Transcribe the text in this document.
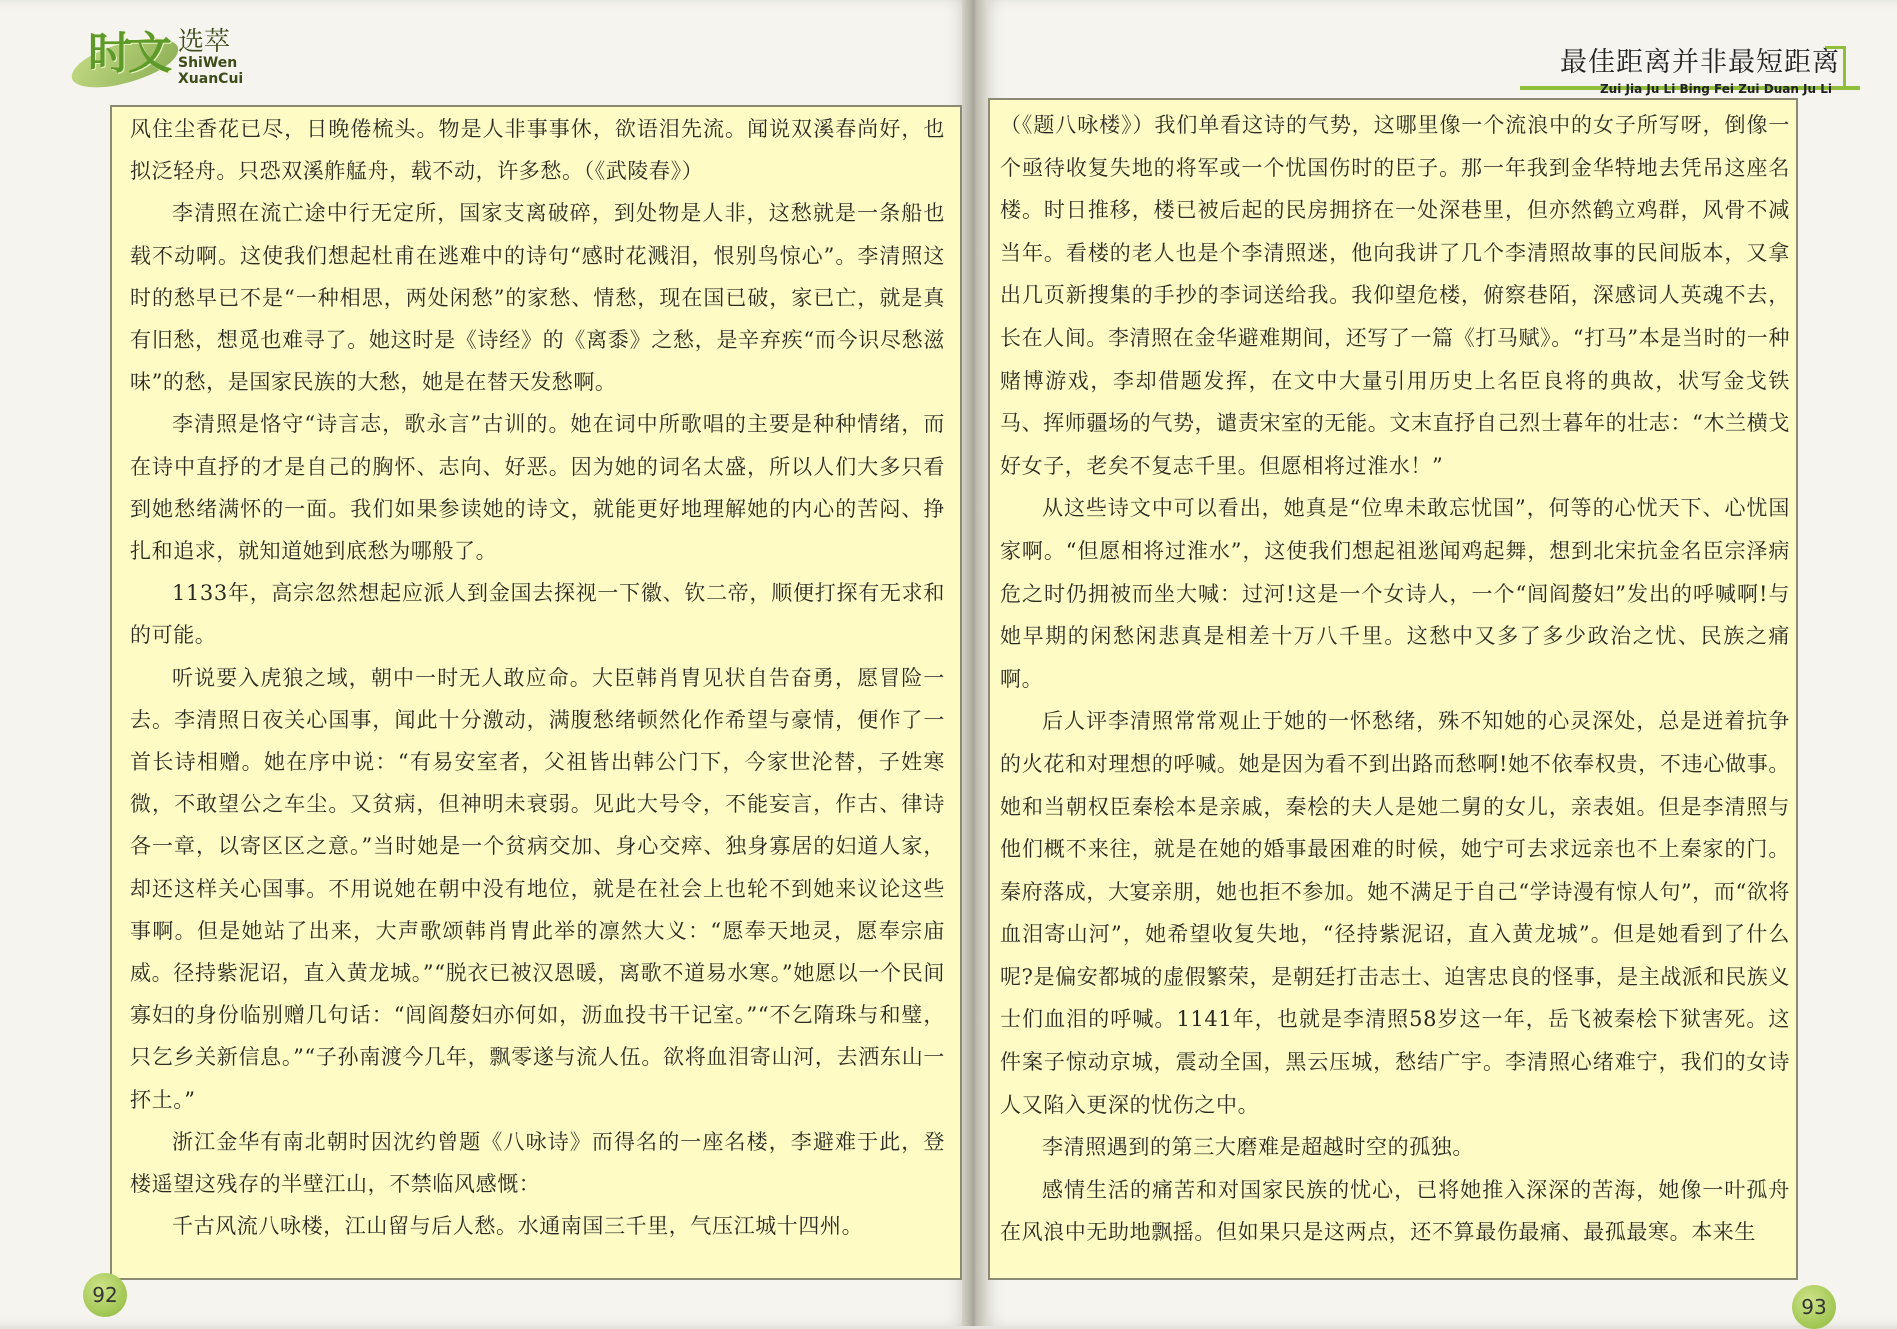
时文 选萃
ShiWen XuanCui
最佳距离并非最短距离
Zui Jia Ju Li Bing Fei Zui Duan Ju Li

风住尘香花已尽，日晚倦梳头。物是人非事事休，欲语泪先流。闻说双溪春尚好，也拟泛轻舟。只恐双溪舴艋舟，载不动，许多愁。（《武陵春》）

李清照在流亡途中行无定所，国家支离破碎，到处物是人非，这愁就是一条船也载不动啊。这使我们想起杜甫在逃难中的诗句“感时花溅泪，恨别鸟惊心”。李清照这时的愁早已不是“一种相思，两处闲愁”的家愁、情愁，现在国已破，家已亡，就是真有旧愁，想觅也难寻了。她这时是《诗经》的《离黍》之愁，是辛弃疾“而今识尽愁滋味”的愁，是国家民族的大愁，她是在替天发愁啊。

李清照是恪守“诗言志，歌永言”古训的。她在词中所歌唱的主要是种种情绪，而在诗中直抒的才是自己的胸怀、志向、好恶。因为她的词名太盛，所以人们大多只看到她愁绪满怀的一面。我们如果参读她的诗文，就能更好地理解她的内心的苦闷、挣扎和追求，就知道她到底愁为哪般了。

1133年，高宗忽然想起应派人到金国去探视一下徽、钦二帝，顺便打探有无求和的可能。

听说要入虎狼之域，朝中一时无人敢应命。大臣韩肖胄见状自告奋勇，愿冒险一去。李清照日夜关心国事，闻此十分激动，满腹愁绪顿然化作希望与豪情，便作了一首长诗相赠。她在序中说：“有易安室者，父祖皆出韩公门下，今家世沦替，子姓寒微，不敢望公之车尘。又贫病，但神明未衰弱。见此大号令，不能妄言，作古、律诗各一章，以寄区区之意。”当时她是一个贫病交加、身心交瘁、独身寡居的妇道人家，却还这样关心国事。不用说她在朝中没有地位，就是在社会上也轮不到她来议论这些事啊。但是她站了出来，大声歌颂韩肖胄此举的凛然大义：“愿奉天地灵，愿奉宗庙威。径持紫泥诏，直入黄龙城。”“脱衣已被汉恩暖，离歌不道易水寒。”她愿以一个民间寡妇的身份临别赠几句话：“闾阎嫠妇亦何如，沥血投书干记室。”“不乞隋珠与和璧，只乞乡关新信息。”“子孙南渡今几年，飘零遂与流人伍。欲将血泪寄山河，去洒东山一抔土。”

浙江金华有南北朝时因沈约曾题《八咏诗》而得名的一座名楼，李避难于此，登楼遥望这残存的半壁江山，不禁临风感慨：

千古风流八咏楼，江山留与后人愁。水通南国三千里，气压江城十四州。

（《题八咏楼》）我们单看这诗的气势，这哪里像一个流浪中的女子所写呀，倒像一个亟待收复失地的将军或一个忧国伤时的臣子。那一年我到金华特地去凭吊这座名楼。时日推移，楼已被后起的民房拥挤在一处深巷里，但亦然鹤立鸡群，风骨不减当年。看楼的老人也是个李清照迷，他向我讲了几个李清照故事的民间版本，又拿出几页新搜集的手抄的李词送给我。我仰望危楼，俯察巷陌，深感词人英魂不去，长在人间。李清照在金华避难期间，还写了一篇《打马赋》。“打马”本是当时的一种赌博游戏，李却借题发挥，在文中大量引用历史上名臣良将的典故，状写金戈铁马、挥师疆场的气势，谴责宋室的无能。文末直抒自己烈士暮年的壮志：“木兰横戈好女子，老矣不复志千里。但愿相将过淮水！”

从这些诗文中可以看出，她真是“位卑未敢忘忧国”，何等的心忧天下、心忧国家啊。“但愿相将过淮水”，这使我们想起祖逖闻鸡起舞，想到北宋抗金名臣宗泽病危之时仍拥被而坐大喊：过河!这是一个女诗人，一个“闾阎嫠妇”发出的呼喊啊!与她早期的闲愁闲悲真是相差十万八千里。这愁中又多了多少政治之忧、民族之痛啊。

后人评李清照常常观止于她的一怀愁绪，殊不知她的心灵深处，总是迸着抗争的火花和对理想的呼喊。她是因为看不到出路而愁啊!她不依奉权贵，不违心做事。她和当朝权臣秦桧本是亲戚，秦桧的夫人是她二舅的女儿，亲表姐。但是李清照与他们概不来往，就是在她的婚事最困难的时候，她宁可去求远亲也不上秦家的门。秦府落成，大宴亲朋，她也拒不参加。她不满足于自己“学诗漫有惊人句”，而“欲将血泪寄山河”，她希望收复失地，“径持紫泥诏，直入黄龙城”。但是她看到了什么呢?是偏安都城的虚假繁荣，是朝廷打击志士、迫害忠良的怪事，是主战派和民族义士们血泪的呼喊。1141年，也就是李清照58岁这一年，岳飞被秦桧下狱害死。这件案子惊动京城，震动全国，黑云压城，愁结广宇。李清照心绪难宁，我们的女诗人又陷入更深的忧伤之中。

李清照遇到的第三大磨难是超越时空的孤独。

感情生活的痛苦和对国家民族的忧心，已将她推入深深的苦海，她像一叶孤舟在风浪中无助地飘摇。但如果只是这两点，还不算最伤最痛、最孤最寒。本来生

92	93
